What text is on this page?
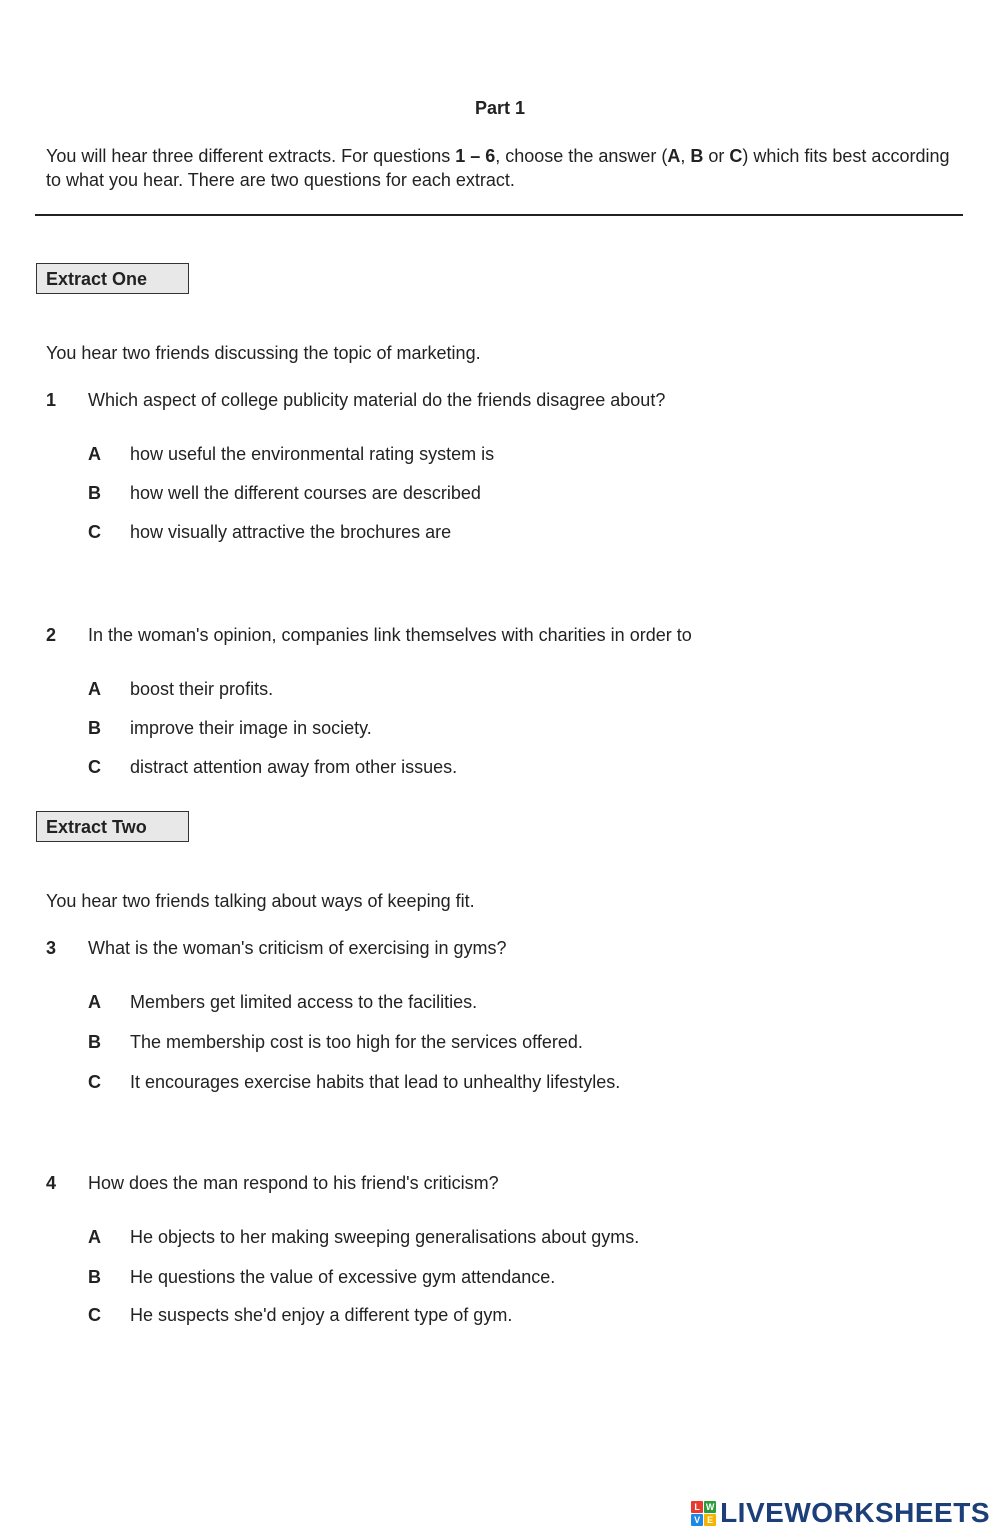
Part 1
You will hear three different extracts. For questions 1 – 6, choose the answer (A, B or C) which fits best according to what you hear. There are two questions for each extract.
Extract One
You hear two friends discussing the topic of marketing.
1 Which aspect of college publicity material do the friends disagree about?
A how useful the environmental rating system is
B how well the different courses are described
C how visually attractive the brochures are
2 In the woman's opinion, companies link themselves with charities in order to
A boost their profits.
B improve their image in society.
C distract attention away from other issues.
Extract Two
You hear two friends talking about ways of keeping fit.
3 What is the woman's criticism of exercising in gyms?
A Members get limited access to the facilities.
B The membership cost is too high for the services offered.
C It encourages exercise habits that lead to unhealthy lifestyles.
4 How does the man respond to his friend's criticism?
A He objects to her making sweeping generalisations about gyms.
B He questions the value of excessive gym attendance.
C He suspects she'd enjoy a different type of gym.
L W
V E LIVEWORKSHEETS
